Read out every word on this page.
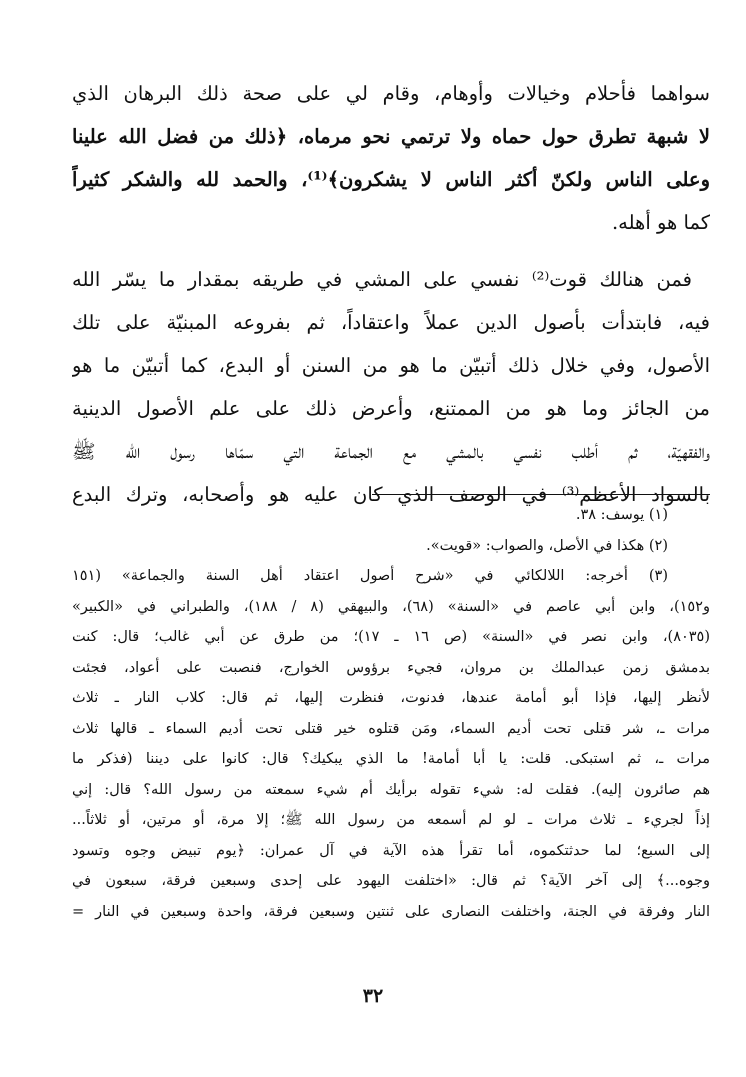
سواهما فأحلام وخيالات وأوهام، وقام لي على صحة ذلك البرهان الذي
لا شبهة تطرق حول حماه ولا ترتمي نحو مرماه، ﴿ذلك من فضل الله علينا
وعلى الناس ولكنّ أكثر الناس لا يشكرون﴾⁽¹⁾، والحمد لله والشكر كثيراً
كما هو أهله.
فمن هنالك قوت⁽²⁾ نفسي على المشي في طريقه بمقدار ما يسّر الله
فيه، فابتدأت بأصول الدين عملاً واعتقاداً، ثم بفروعه المبنيّة على تلك
الأصول، وفي خلال ذلك أتبيّن ما هو من السنن أو البدع، كما أتبيّن ما هو
من الجائز وما هو من الممتنع، وأعرض ذلك على علم الأصول الدينية
والفقهيّة، ثم أطلب نفسي بالمشي مع الجماعة التي سمّاها رسول الله ﷺ
بالسواد الأعظم⁽³⁾ في الوصف الذي كان عليه هو وأصحابه، وترك البدع
(١) يوسف: ٣٨.
(٢) هكذا في الأصل، والصواب: «قويت».
(٣) أخرجه: اللالكائي في «شرح أصول اعتقاد أهل السنة والجماعة» (١٥١
و١٥٢)، وابن أبي عاصم في «السنة» (٦٨)، والبيهقي (٨ / ١٨٨)، والطبراني في «الكبير»
(٨٠٣٥)، وابن نصر في «السنة» (ص ١٦ ـ ١٧)؛ من طرق عن أبي غالب؛ قال: كنت
بدمشق زمن عبدالملك بن مروان، فجيء برؤوس الخوارج، فنصبت على أعواد، فجئت
لأنظر إليها، فإذا أبو أمامة عندها، فدنوت، فنظرت إليها، ثم قال: كلاب النار ـ ثلاث
مرات ـ، شر قتلى تحت أديم السماء، ومَن قتلوه خير قتلى تحت أديم السماء ـ قالها ثلاث
مرات ـ، ثم استبكى. قلت: يا أبا أمامة! ما الذي يبكيك؟ قال: كانوا على ديننا (فذكر ما
هم صائرون إليه). فقلت له: شيء تقوله برأيك أم شيء سمعته من رسول الله؟ قال: إني
إذاً لجريء ـ ثلاث مرات ـ لو لم أسمعه من رسول الله ﷺ؛ إلا مرة، أو مرتين، أو ثلاثاً...
إلى السبع؛ لما حدثتكموه، أما تقرأ هذه الآية في آل عمران: ﴿يوم تبيض وجوه وتسود
وجوه...﴾ إلى آخر الآية؟ ثم قال: «اختلفت اليهود على إحدى وسبعين فرقة، سبعون في
النار وفرقة في الجنة، واختلفت النصارى على ثنتين وسبعين فرقة، واحدة وسبعين في النار =
٣٢
